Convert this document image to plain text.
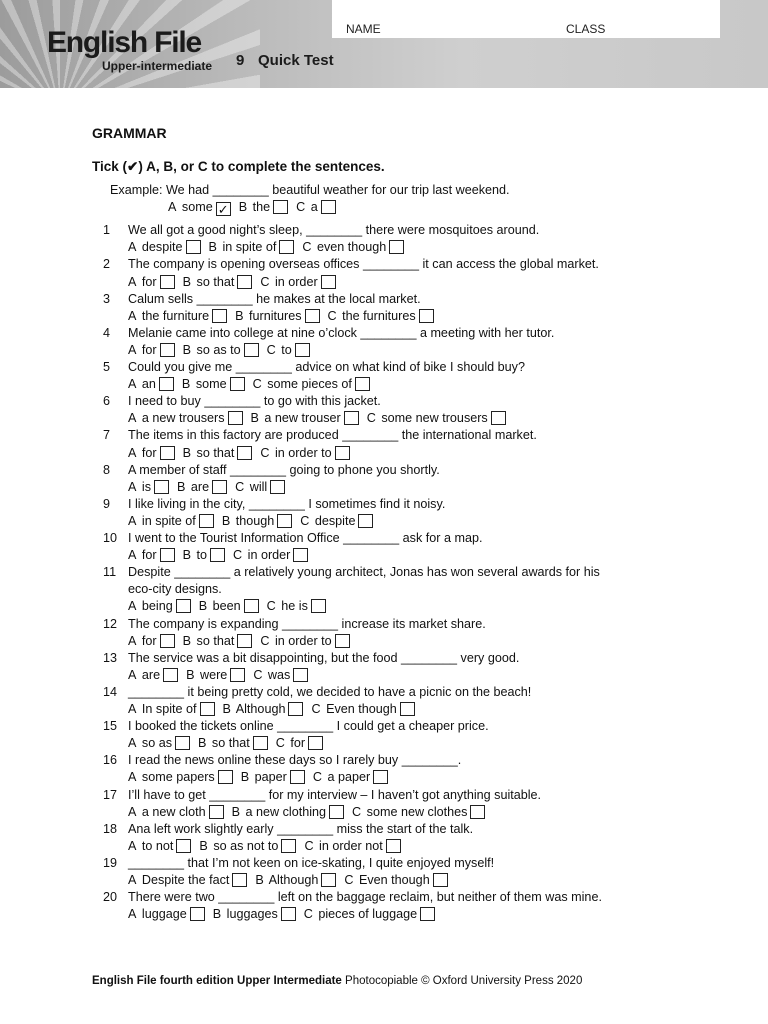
English File
Upper-intermediate 9 Quick Test
NAME	CLASS
GRAMMAR
Tick (✔) A, B, or C to complete the sentences.
Example: We had ________ beautiful weather for our trip last weekend.
A some ✓ B the C a
1 We all got a good night’s sleep, ________ there were mosquitoes around.
A despite B in spite of C even though
2 The company is opening overseas offices ________ it can access the global market.
A for B so that C in order
3 Calum sells ________ he makes at the local market.
A the furniture B furnitures C the furnitures
4 Melanie came into college at nine o’clock ________ a meeting with her tutor.
A for B so as to C to
5 Could you give me ________ advice on what kind of bike I should buy?
A an B some C some pieces of
6 I need to buy ________ to go with this jacket.
A a new trousers B a new trouser C some new trousers
7 The items in this factory are produced ________ the international market.
A for B so that C in order to
8 A member of staff ________ going to phone you shortly.
A is B are C will
9 I like living in the city, ________ I sometimes find it noisy.
A in spite of B though C despite
10 I went to the Tourist Information Office ________ ask for a map.
A for B to C in order
11 Despite ________ a relatively young architect, Jonas has won several awards for his
eco-city designs.
A being B been C he is
12 The company is expanding ________ increase its market share.
A for B so that C in order to
13 The service was a bit disappointing, but the food ________ very good.
A are B were C was
14 ________ it being pretty cold, we decided to have a picnic on the beach!
A In spite of B Although C Even though
15 I booked the tickets online ________ I could get a cheaper price.
A so as B so that C for
16 I read the news online these days so I rarely buy ________.
A some papers B paper C a paper
17 I’ll have to get ________ for my interview – I haven’t got anything suitable.
A a new cloth B a new clothing C some new clothes
18 Ana left work slightly early ________ miss the start of the talk.
A to not B so as not to C in order not
19 ________ that I’m not keen on ice-skating, I quite enjoyed myself!
A Despite the fact B Although C Even though
20 There were two ________ left on the baggage reclaim, but neither of them was mine.
A luggage B luggages C pieces of luggage
English File fourth edition Upper Intermediate Photocopiable © Oxford University Press 2020
